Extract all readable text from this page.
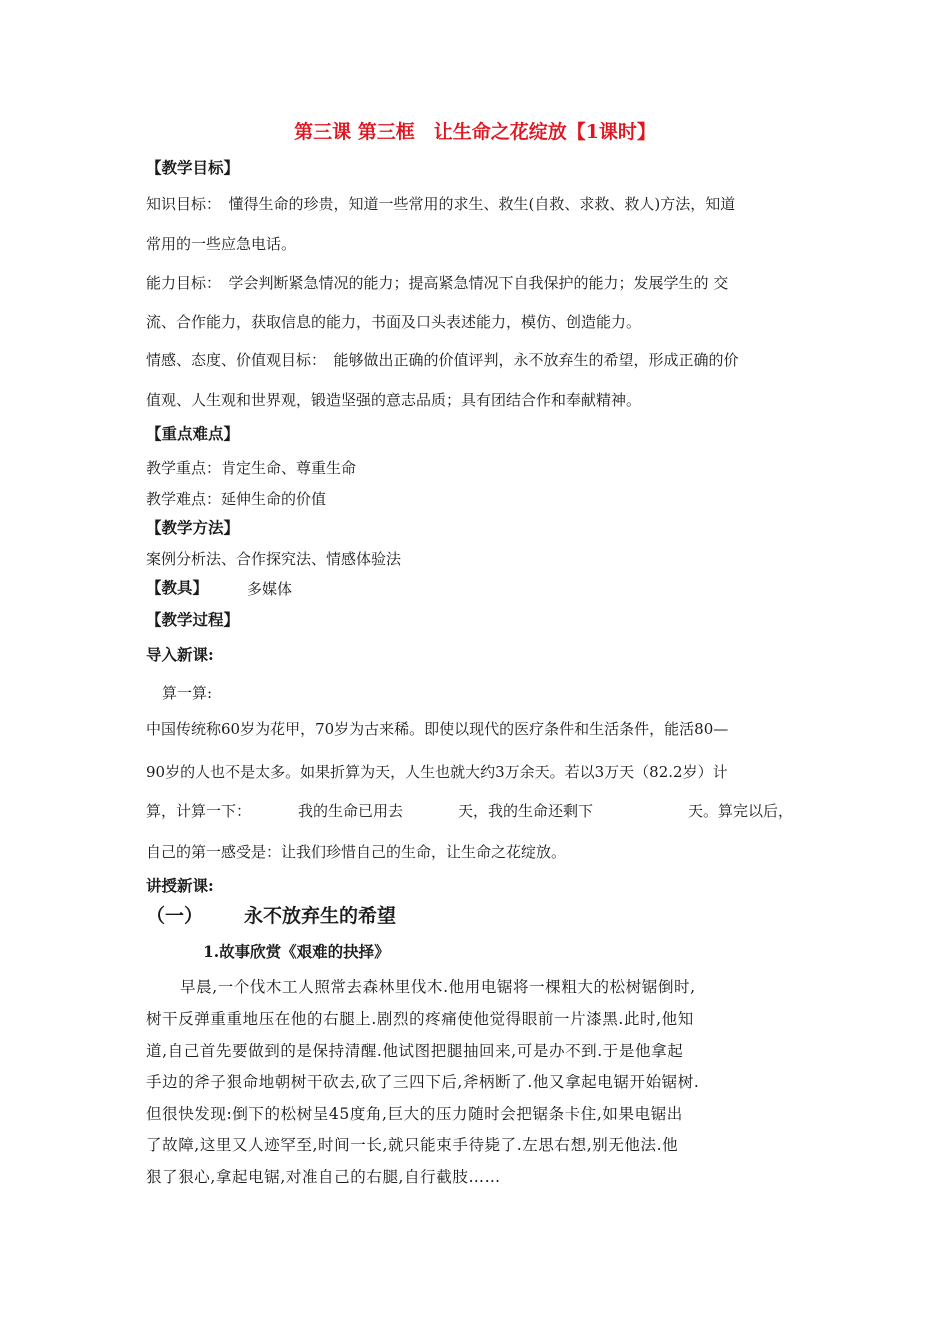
第三课 第三框　让生命之花绽放【1课时】
【教学目标】
知识目标：　懂得生命的珍贵，知道一些常用的求生、救生(自救、求救、救人)方法，知道
常用的一些应急电话。
能力目标：　学会判断紧急情况的能力；提高紧急情况下自我保护的能力；发展学生的 交
流、合作能力，获取信息的能力，书面及口头表述能力，模仿、创造能力。
情感、态度、价值观目标：　能够做出正确的价值评判，永不放弃生的希望，形成正确的价
值观、人生观和世界观，锻造坚强的意志品质；具有团结合作和奉献精神。
【重点难点】
教学重点：肯定生命、尊重生命
教学难点：延伸生命的价值
【教学方法】
案例分析法、合作探究法、情感体验法
【教具】	多媒体
【教学过程】
导入新课:
算一算:
中国传统称60岁为花甲，70岁为古来稀。即使以现代的医疗条件和生活条件，能活80—
90岁的人也不是太多。如果折算为天，人生也就大约3万余天。若以3万天（82.2岁）计
算，计算一下：	我的生命已用去	天，我的生命还剩下	天。算完以后，
自己的第一感受是：让我们珍惜自己的生命，让生命之花绽放。
讲授新课:
（一） 永不放弃生的希望
1.故事欣赏《艰难的抉择》
早晨,一个伐木工人照常去森林里伐木.他用电锯将一棵粗大的松树锯倒时,
树干反弹重重地压在他的右腿上.剧烈的疼痛使他觉得眼前一片漆黑.此时,他知
道,自己首先要做到的是保持清醒.他试图把腿抽回来,可是办不到.于是他拿起
手边的斧子狠命地朝树干砍去,砍了三四下后,斧柄断了.他又拿起电锯开始锯树.
但很快发现:倒下的松树呈45度角,巨大的压力随时会把锯条卡住,如果电锯出
了故障,这里又人迹罕至,时间一长,就只能束手待毙了.左思右想,别无他法.他
狠了狠心,拿起电锯,对准自己的右腿,自行截肢……
